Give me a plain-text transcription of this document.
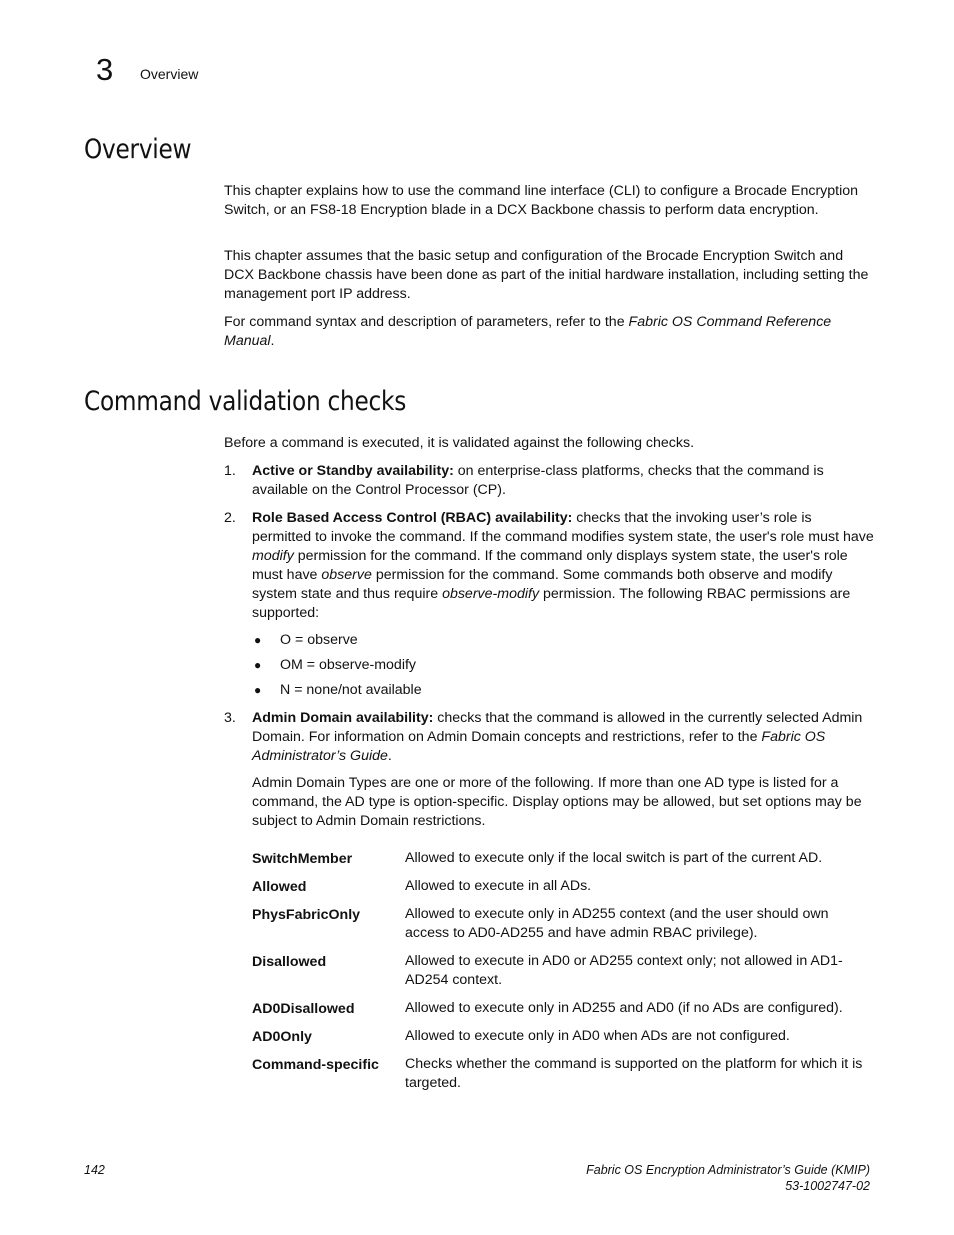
3 Overview
Overview
This chapter explains how to use the command line interface (CLI) to configure a Brocade Encryption Switch, or an FS8-18 Encryption blade in a DCX Backbone chassis to perform data encryption.
This chapter assumes that the basic setup and configuration of the Brocade Encryption Switch and DCX Backbone chassis have been done as part of the initial hardware installation, including setting the management port IP address.
For command syntax and description of parameters, refer to the Fabric OS Command Reference Manual.
Command validation checks
Before a command is executed, it is validated against the following checks.
1. Active or Standby availability: on enterprise-class platforms, checks that the command is available on the Control Processor (CP).
2. Role Based Access Control (RBAC) availability: checks that the invoking user’s role is permitted to invoke the command. If the command modifies system state, the user's role must have modify permission for the command. If the command only displays system state, the user's role must have observe permission for the command. Some commands both observe and modify system state and thus require observe-modify permission. The following RBAC permissions are supported:
● O = observe
● OM = observe-modify
● N = none/not available
3. Admin Domain availability: checks that the command is allowed in the currently selected Admin Domain. For information on Admin Domain concepts and restrictions, refer to the Fabric OS Administrator’s Guide.
Admin Domain Types are one or more of the following. If more than one AD type is listed for a command, the AD type is option-specific. Display options may be allowed, but set options may be subject to Admin Domain restrictions.
SwitchMember	Allowed to execute only if the local switch is part of the current AD.
Allowed	Allowed to execute in all ADs.
PhysFabricOnly	Allowed to execute only in AD255 context (and the user should own access to AD0-AD255 and have admin RBAC privilege).
Disallowed	Allowed to execute in AD0 or AD255 context only; not allowed in AD1-AD254 context.
AD0Disallowed	Allowed to execute only in AD255 and AD0 (if no ADs are configured).
AD0Only	Allowed to execute only in AD0 when ADs are not configured.
Command-specific Checks whether the command is supported on the platform for which it is targeted.
142	Fabric OS Encryption Administrator’s Guide (KMIP)
53-1002747-02
